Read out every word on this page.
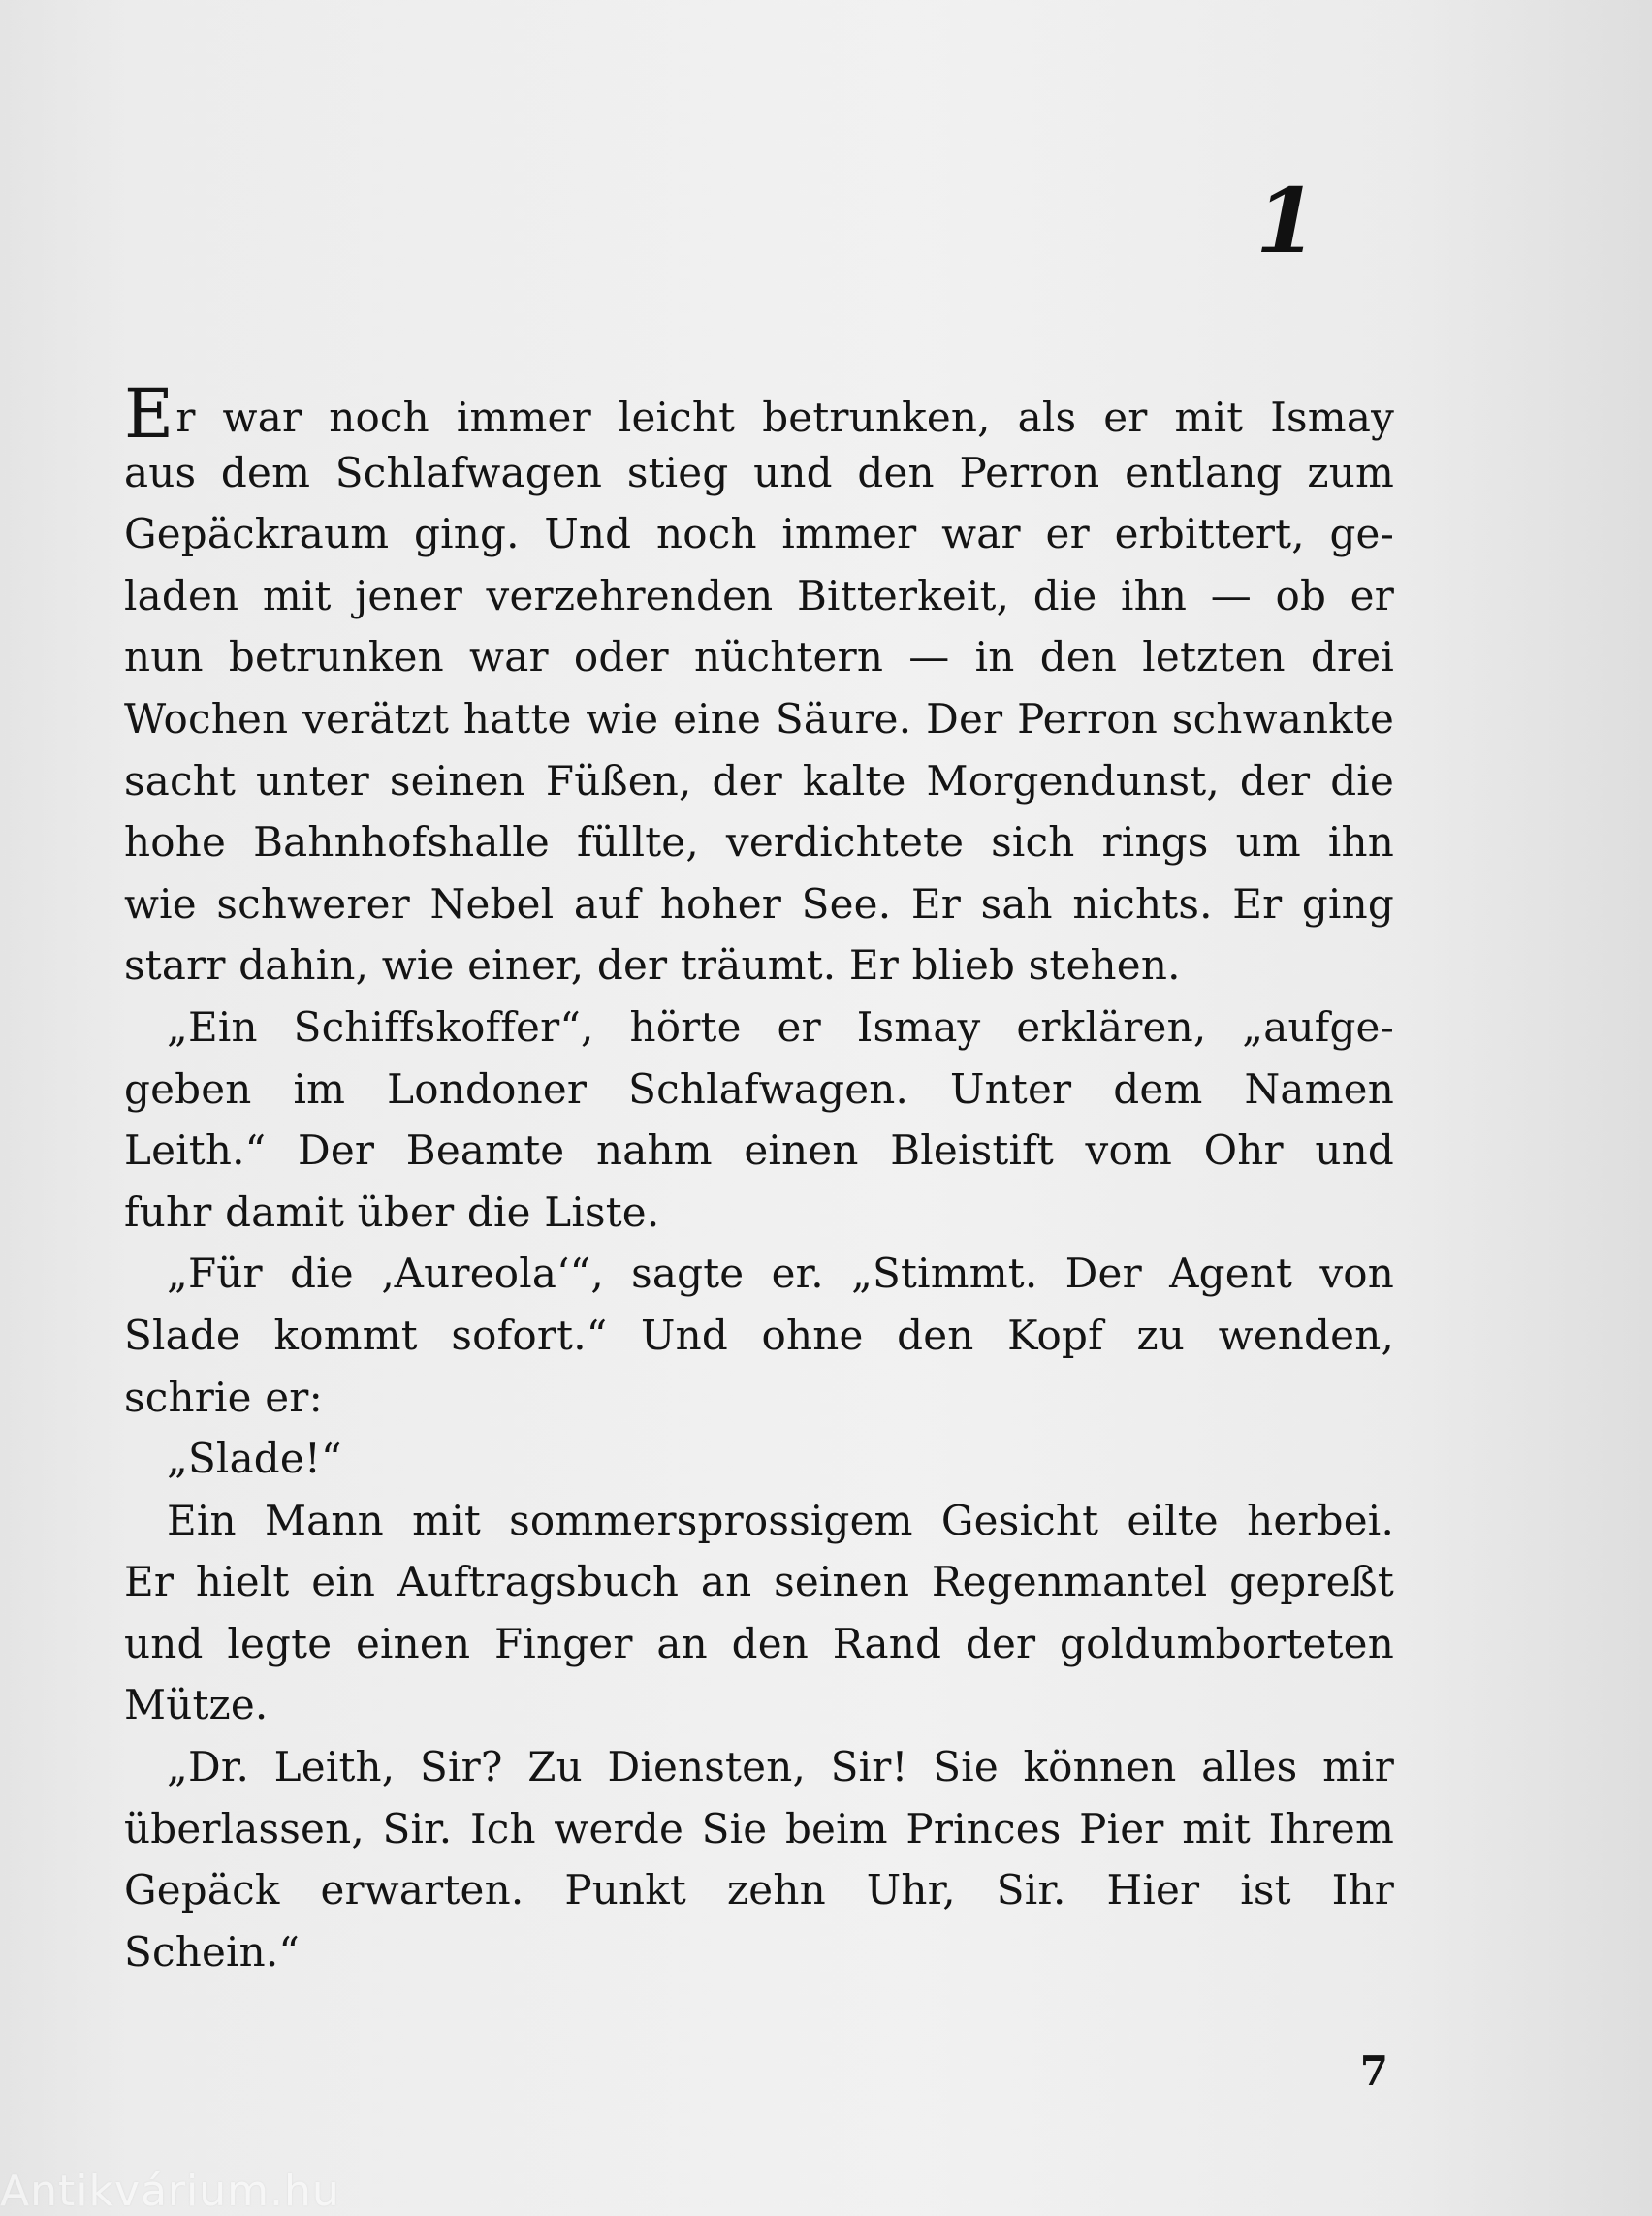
1
Er war noch immer leicht betrunken, als er mit Ismay
aus dem Schlafwagen stieg und den Perron entlang zum
Gepäckraum ging. Und noch immer war er erbittert, ge-
laden mit jener verzehrenden Bitterkeit, die ihn — ob er
nun betrunken war oder nüchtern — in den letzten drei
Wochen verätzt hatte wie eine Säure. Der Perron schwankte
sacht unter seinen Füßen, der kalte Morgendunst, der die
hohe Bahnhofshalle füllte, verdichtete sich rings um ihn
wie schwerer Nebel auf hoher See. Er sah nichts. Er ging
starr dahin, wie einer, der träumt. Er blieb stehen.
„Ein Schiffskoffer“, hörte er Ismay erklären, „aufge-
geben im Londoner Schlafwagen. Unter dem Namen
Leith.“ Der Beamte nahm einen Bleistift vom Ohr und
fuhr damit über die Liste.
„Für die ‚Aureola‘“, sagte er. „Stimmt. Der Agent von
Slade kommt sofort.“ Und ohne den Kopf zu wenden,
schrie er:
„Slade!“
Ein Mann mit sommersprossigem Gesicht eilte herbei.
Er hielt ein Auftragsbuch an seinen Regenmantel gepreßt
und legte einen Finger an den Rand der goldumborteten
Mütze.
„Dr. Leith, Sir? Zu Diensten, Sir! Sie können alles mir
überlassen, Sir. Ich werde Sie beim Princes Pier mit Ihrem
Gepäck erwarten. Punkt zehn Uhr, Sir. Hier ist Ihr
Schein.“
7
Antikvárium.hu
